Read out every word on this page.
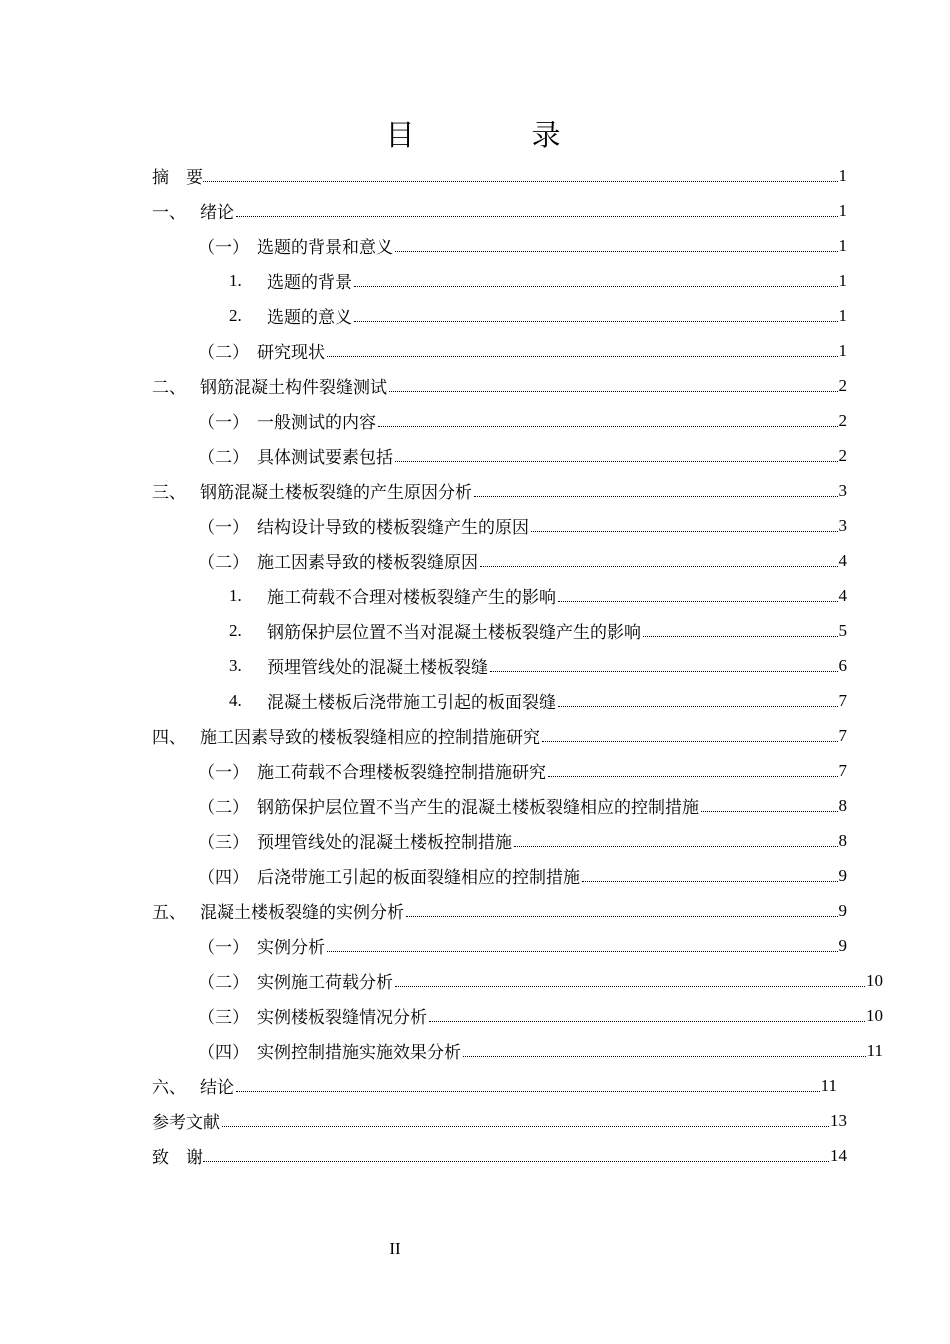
目　录
摘　要	1
一、 绪论	1
（一） 选题的背景和意义	1
1.	选题的背景	1
2.	选题的意义	1
（二） 研究现状	1
二、 钢筋混凝土构件裂缝测试	2
（一） 一般测试的内容	2
（二） 具体测试要素包括	2
三、 钢筋混凝土楼板裂缝的产生原因分析	3
（一） 结构设计导致的楼板裂缝产生的原因	3
（二） 施工因素导致的楼板裂缝原因	4
1.	施工荷载不合理对楼板裂缝产生的影响	4
2.	钢筋保护层位置不当对混凝土楼板裂缝产生的影响	5
3.	预埋管线处的混凝土楼板裂缝	6
4.	混凝土楼板后浇带施工引起的板面裂缝	7
四、 施工因素导致的楼板裂缝相应的控制措施研究	7
（一） 施工荷载不合理楼板裂缝控制措施研究	7
（二） 钢筋保护层位置不当产生的混凝土楼板裂缝相应的控制措施	8
（三） 预埋管线处的混凝土楼板控制措施	8
（四） 后浇带施工引起的板面裂缝相应的控制措施	9
五、 混凝土楼板裂缝的实例分析	9
（一） 实例分析	9
（二） 实例施工荷载分析	10
（三） 实例楼板裂缝情况分析	10
（四） 实例控制措施实施效果分析	11
六、 结论	11
参考文献	13
致　谢	14
II
